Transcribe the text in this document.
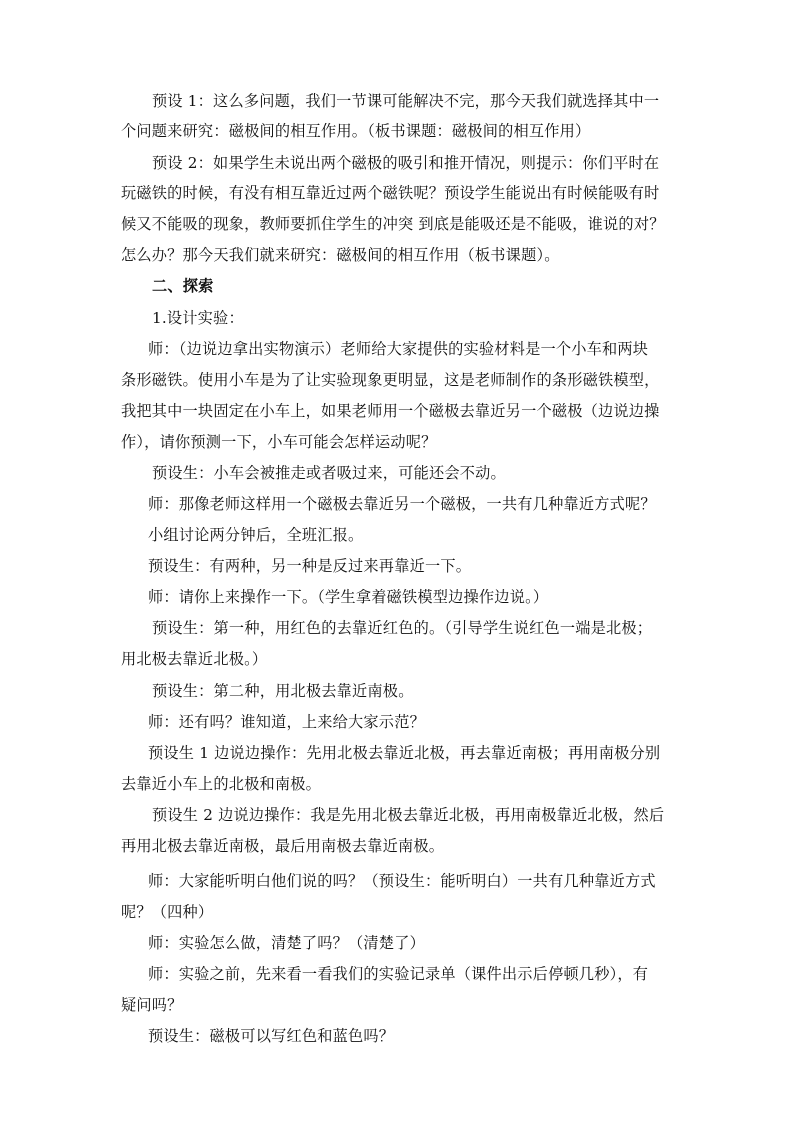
预设 1：这么多问题，我们一节课可能解决不完，那今天我们就选择其中一
个问题来研究：磁极间的相互作用。（板书课题：磁极间的相互作用）
预设 2：如果学生未说出两个磁极的吸引和推开情况，则提示：你们平时在
玩磁铁的时候，有没有相互靠近过两个磁铁呢？预设学生能说出有时候能吸有时
候又不能吸的现象，教师要抓住学生的冲突 到底是能吸还是不能吸，谁说的对？
怎么办？那今天我们就来研究：磁极间的相互作用（板书课题）。
二、探索
1.设计实验：
师：（边说边拿出实物演示）老师给大家提供的实验材料是一个小车和两块
条形磁铁。使用小车是为了让实验现象更明显，这是老师制作的条形磁铁模型，
我把其中一块固定在小车上，如果老师用一个磁极去靠近另一个磁极（边说边操
作），请你预测一下，小车可能会怎样运动呢？
预设生：小车会被推走或者吸过来，可能还会不动。
师：那像老师这样用一个磁极去靠近另一个磁极，一共有几种靠近方式呢？
小组讨论两分钟后，全班汇报。
预设生：有两种，另一种是反过来再靠近一下。
师：请你上来操作一下。（学生拿着磁铁模型边操作边说。）
预设生：第一种，用红色的去靠近红色的。（引导学生说红色一端是北极；
用北极去靠近北极。）
预设生：第二种，用北极去靠近南极。
师：还有吗？谁知道，上来给大家示范？
预设生 1 边说边操作：先用北极去靠近北极，再去靠近南极；再用南极分别
去靠近小车上的北极和南极。
预设生 2 边说边操作：我是先用北极去靠近北极，再用南极靠近北极，然后
再用北极去靠近南极，最后用南极去靠近南极。
师：大家能听明白他们说的吗？（预设生：能听明白）一共有几种靠近方式
呢？（四种）
师：实验怎么做，清楚了吗？（清楚了）
师：实验之前，先来看一看我们的实验记录单（课件出示后停顿几秒），有
疑问吗？
预设生：磁极可以写红色和蓝色吗？
